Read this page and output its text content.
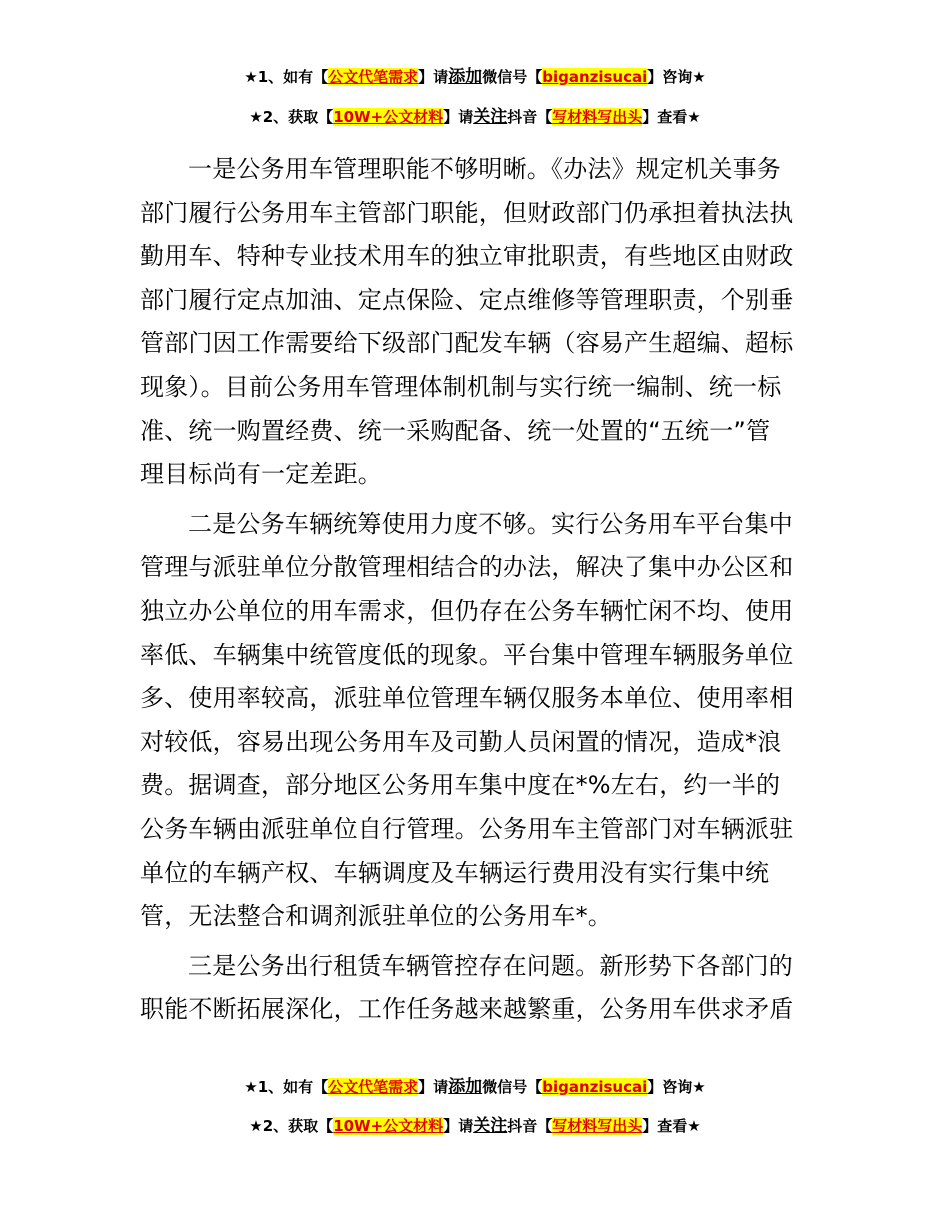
★1、如有【公文代笔需求】请添加微信号【biganzisucai】咨询★
★2、获取【10W+公文材料】请关注抖音【写材料写出头】查看★

一是公务用车管理职能不够明晰。《办法》规定机关事务
部门履行公务用车主管部门职能，但财政部门仍承担着执法执
勤用车、特种专业技术用车的独立审批职责，有些地区由财政
部门履行定点加油、定点保险、定点维修等管理职责，个别垂
管部门因工作需要给下级部门配发车辆（容易产生超编、超标
现象）。目前公务用车管理体制机制与实行统一编制、统一标
准、统一购置经费、统一采购配备、统一处置的“五统一”管
理目标尚有一定差距。

二是公务车辆统筹使用力度不够。实行公务用车平台集中
管理与派驻单位分散管理相结合的办法，解决了集中办公区和
独立办公单位的用车需求，但仍存在公务车辆忙闲不均、使用
率低、车辆集中统管度低的现象。平台集中管理车辆服务单位
多、使用率较高，派驻单位管理车辆仅服务本单位、使用率相
对较低，容易出现公务用车及司勤人员闲置的情况，造成*浪
费。据调查，部分地区公务用车集中度在*%左右，约一半的
公务车辆由派驻单位自行管理。公务用车主管部门对车辆派驻
单位的车辆产权、车辆调度及车辆运行费用没有实行集中统
管，无法整合和调剂派驻单位的公务用车*。

三是公务出行租赁车辆管控存在问题。新形势下各部门的
职能不断拓展深化，工作任务越来越繁重，公务用车供求矛盾

★1、如有【公文代笔需求】请添加微信号【biganzisucai】咨询★
★2、获取【10W+公文材料】请关注抖音【写材料写出头】查看★
